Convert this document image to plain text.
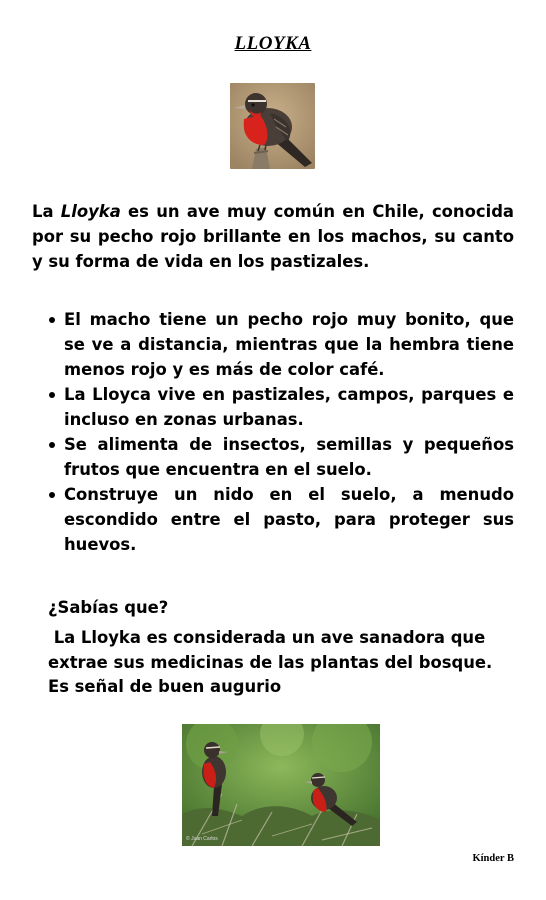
LLOYKA

La Lloyka es un ave muy común en Chile, conocida por su pecho rojo brillante en los machos, su canto y su forma de vida en los pastizales.

El macho tiene un pecho rojo muy bonito, que se ve a distancia, mientras que la hembra tiene menos rojo y es más de color café.
La Lloyca vive en pastizales, campos, parques e incluso en zonas urbanas.
Se alimenta de insectos, semillas y pequeños frutos que encuentra en el suelo.
Construye un nido en el suelo, a menudo escondido entre el pasto, para proteger sus huevos.
¿Sabías que?

La Lloyka es considerada un ave sanadora que extrae sus medicinas de las plantas del bosque. Es señal de buen augurio

© Juan Carlos
Kínder B
